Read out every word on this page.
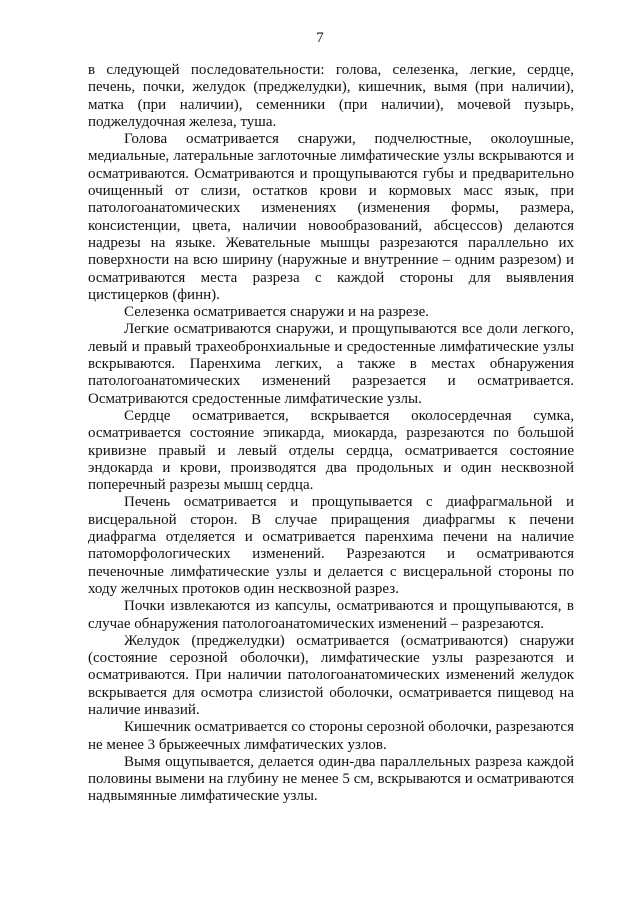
7

в следующей последовательности: голова, селезенка, легкие, сердце, печень, почки, желудок (преджелудки), кишечник, вымя (при наличии), матка (при наличии), семенники (при наличии), мочевой пузырь, поджелудочная железа, туша.

Голова осматривается снаружи, подчелюстные, околоушные, медиальные, латеральные заглоточные лимфатические узлы вскрываются и осматриваются. Осматриваются и прощупываются губы и предварительно очищенный от слизи, остатков крови и кормовых масс язык, при патологоанатомических изменениях (изменения формы, размера, консистенции, цвета, наличии новообразований, абсцессов) делаются надрезы на языке. Жевательные мышцы разрезаются параллельно их поверхности на всю ширину (наружные и внутренние – одним разрезом) и осматриваются места разреза с каждой стороны для выявления цистицерков (финн).

Селезенка осматривается снаружи и на разрезе.

Легкие осматриваются снаружи, и прощупываются все доли легкого, левый и правый трахеобронхиальные и средостенные лимфатические узлы вскрываются. Паренхима легких, а также в местах обнаружения патологоанатомических изменений разрезается и осматривается. Осматриваются средостенные лимфатические узлы.

Сердце осматривается, вскрывается околосердечная сумка, осматривается состояние эпикарда, миокарда, разрезаются по большой кривизне правый и левый отделы сердца, осматривается состояние эндокарда и крови, производятся два продольных и один несквозной поперечный разрезы мышц сердца.

Печень осматривается и прощупывается с диафрагмальной и висцеральной сторон. В случае приращения диафрагмы к печени диафрагма отделяется и осматривается паренхима печени на наличие патоморфологических изменений. Разрезаются и осматриваются печеночные лимфатические узлы и делается с висцеральной стороны по ходу желчных протоков один несквозной разрез.

Почки извлекаются из капсулы, осматриваются и прощупываются, в случае обнаружения патологоанатомических изменений – разрезаются.

Желудок (преджелудки) осматривается (осматриваются) снаружи (состояние серозной оболочки), лимфатические узлы разрезаются и осматриваются. При наличии патологоанатомических изменений желудок вскрывается для осмотра слизистой оболочки, осматривается пищевод на наличие инвазий.

Кишечник осматривается со стороны серозной оболочки, разрезаются не менее 3 брыжеечных лимфатических узлов.

Вымя ощупывается, делается один-два параллельных разреза каждой половины вымени на глубину не менее 5 см, вскрываются и осматриваются надвымянные лимфатические узлы.
